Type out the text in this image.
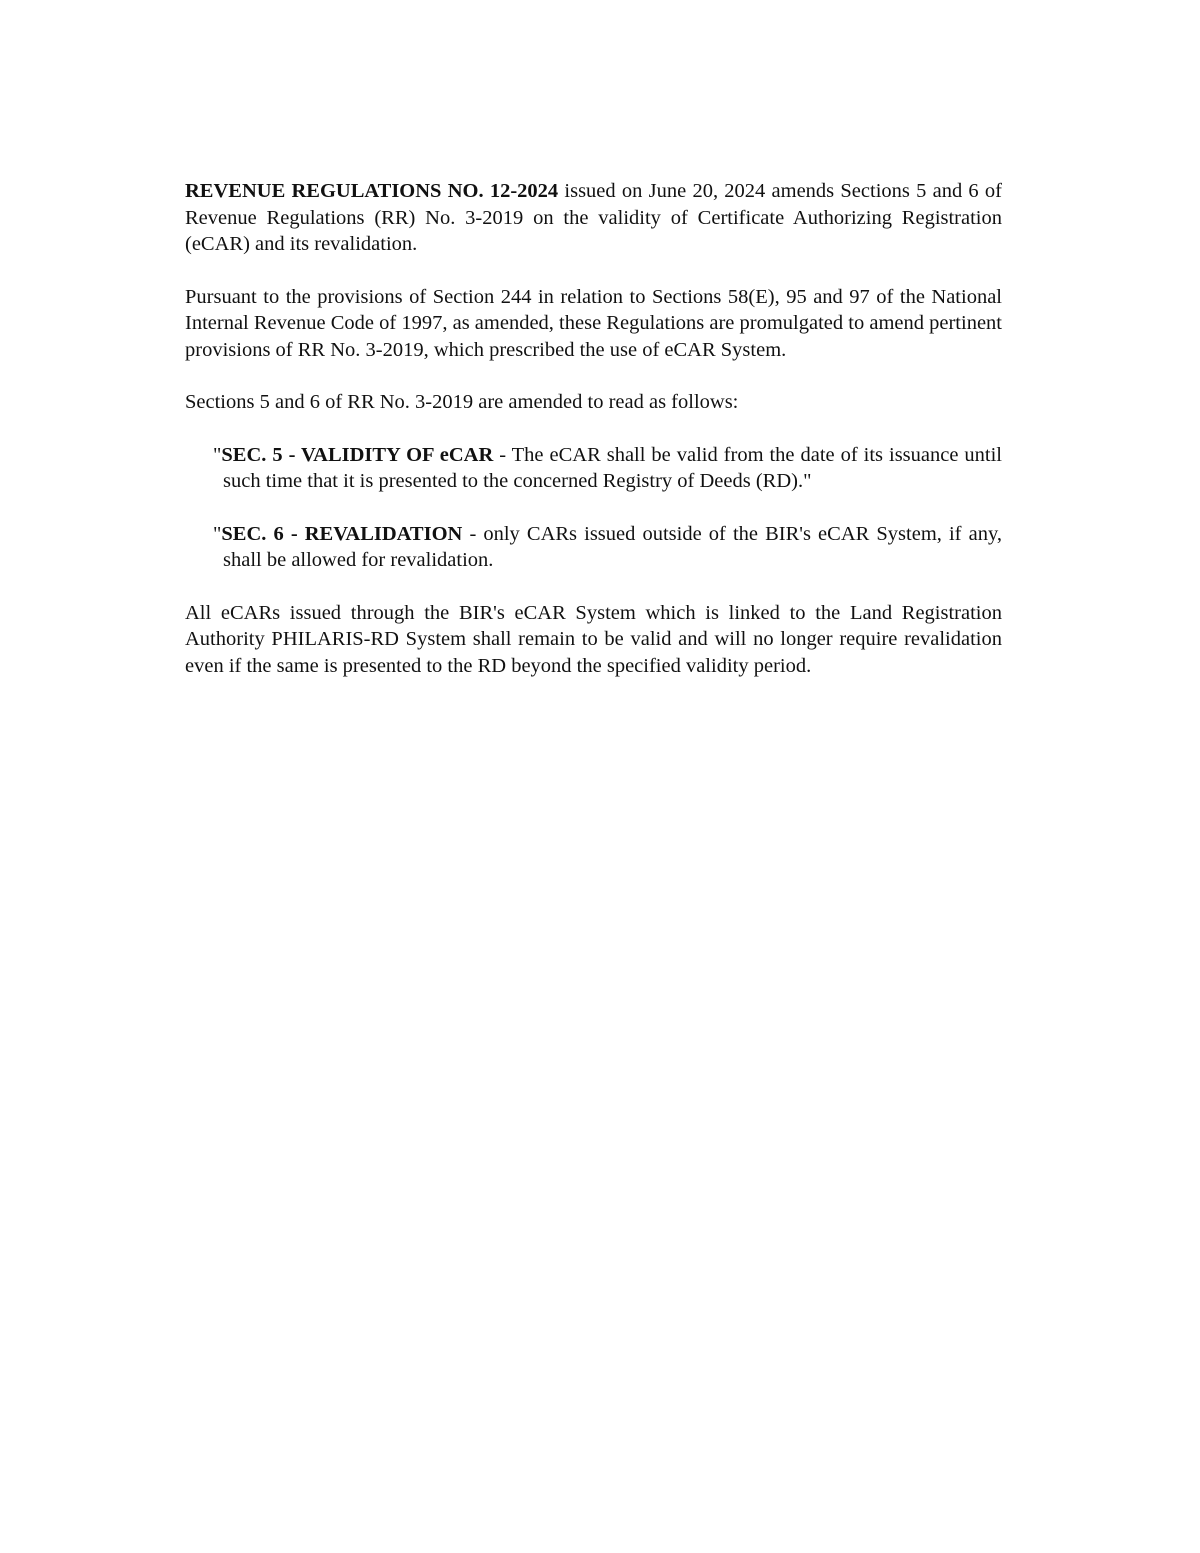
REVENUE REGULATIONS NO. 12-2024 issued on June 20, 2024 amends Sections 5 and 6 of Revenue Regulations (RR) No. 3-2019 on the validity of Certificate Authorizing Registration (eCAR) and its revalidation.

Pursuant to the provisions of Section 244 in relation to Sections 58(E), 95 and 97 of the National Internal Revenue Code of 1997, as amended, these Regulations are promulgated to amend pertinent provisions of RR No. 3-2019, which prescribed the use of eCAR System.

Sections 5 and 6 of RR No. 3-2019 are amended to read as follows:

"SEC. 5 - VALIDITY OF eCAR - The eCAR shall be valid from the date of its issuance until such time that it is presented to the concerned Registry of Deeds (RD)."

"SEC. 6 - REVALIDATION - only CARs issued outside of the BIR's eCAR System, if any, shall be allowed for revalidation.

All eCARs issued through the BIR's eCAR System which is linked to the Land Registration Authority PHILARIS-RD System shall remain to be valid and will no longer require revalidation even if the same is presented to the RD beyond the specified validity period.
